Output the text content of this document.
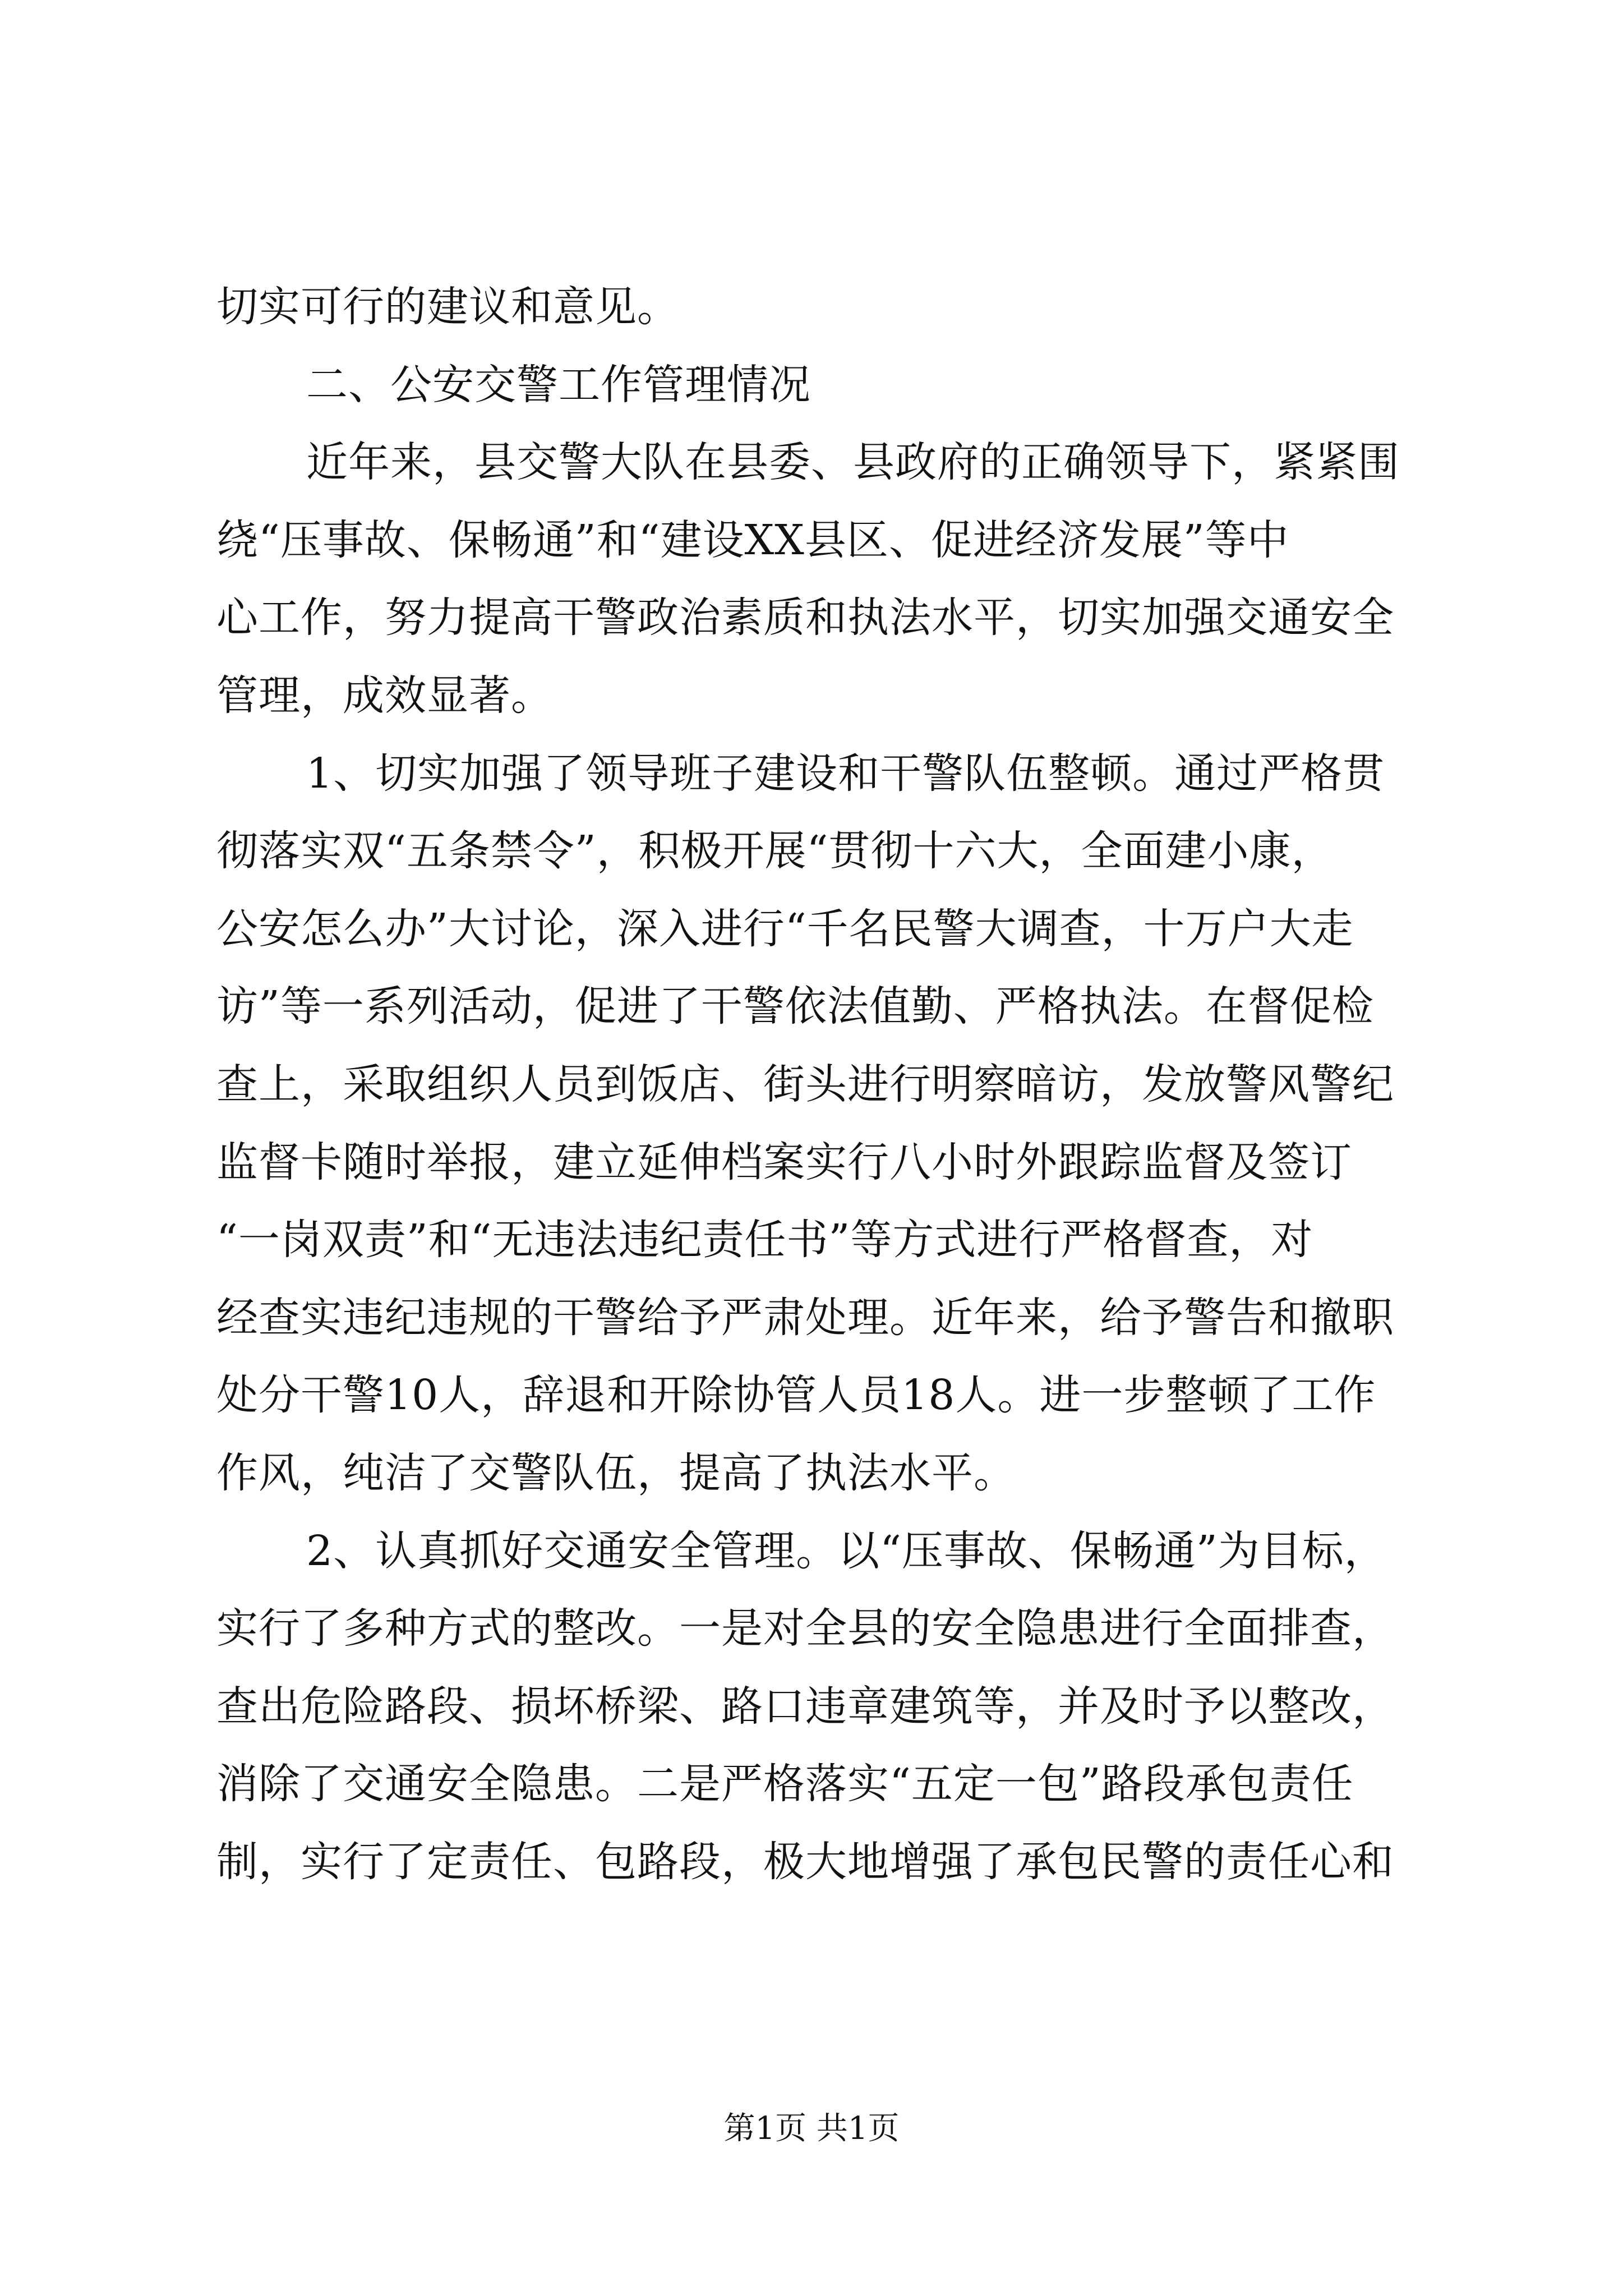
切实可行的建议和意见。
二、公安交警工作管理情况
近年来，县交警大队在县委、县政府的正确领导下，紧紧围
绕“压事故、保畅通”和“建设XX县区、促进经济发展”等中
心工作，努力提高干警政治素质和执法水平，切实加强交通安全
管理，成效显著。
1、切实加强了领导班子建设和干警队伍整顿。通过严格贯
彻落实双“五条禁令”，积极开展“贯彻十六大，全面建小康，
公安怎么办”大讨论，深入进行“千名民警大调查，十万户大走
访”等一系列活动，促进了干警依法值勤、严格执法。在督促检
查上，采取组织人员到饭店、街头进行明察暗访，发放警风警纪
监督卡随时举报，建立延伸档案实行八小时外跟踪监督及签订
“一岗双责”和“无违法违纪责任书”等方式进行严格督查，对
经查实违纪违规的干警给予严肃处理。近年来，给予警告和撤职
处分干警10人，辞退和开除协管人员18人。进一步整顿了工作
作风，纯洁了交警队伍，提高了执法水平。
2、认真抓好交通安全管理。以“压事故、保畅通”为目标，
实行了多种方式的整改。一是对全县的安全隐患进行全面排查，
查出危险路段、损坏桥梁、路口违章建筑等，并及时予以整改，
消除了交通安全隐患。二是严格落实“五定一包”路段承包责任
制，实行了定责任、包路段，极大地增强了承包民警的责任心和
第1页 共1页
